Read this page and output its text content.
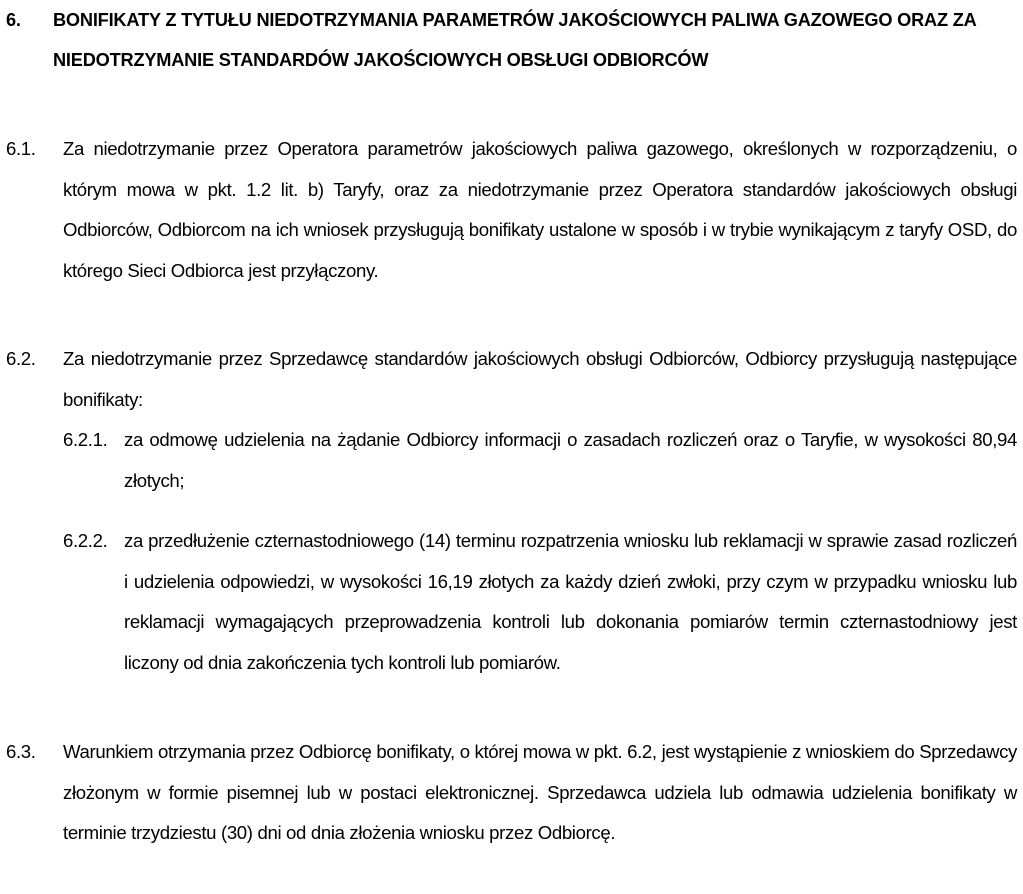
6.	BONIFIKATY Z TYTUŁU NIEDOTRZYMANIA PARAMETRÓW JAKOŚCIOWYCH PALIWA GAZOWEGO ORAZ ZA NIEDOTRZYMANIE STANDARDÓW JAKOŚCIOWYCH OBSŁUGI ODBIORCÓW
6.1.	Za niedotrzymanie przez Operatora parametrów jakościowych paliwa gazowego, określonych w rozporządzeniu, o którym mowa w pkt. 1.2 lit. b) Taryfy, oraz za niedotrzymanie przez Operatora standardów jakościowych obsługi Odbiorców, Odbiorcom na ich wniosek przysługują bonifikaty ustalone w sposób i w trybie wynikającym z taryfy OSD, do którego Sieci Odbiorca jest przyłączony.
6.2.	Za niedotrzymanie przez Sprzedawcę standardów jakościowych obsługi Odbiorców, Odbiorcy przysługują następujące bonifikaty:
6.2.1. za odmowę udzielenia na żądanie Odbiorcy informacji o zasadach rozliczeń oraz o Taryfie, w wysokości 80,94 złotych;
6.2.2. za przedłużenie czternastodniowego (14) terminu rozpatrzenia wniosku lub reklamacji w sprawie zasad rozliczeń i udzielenia odpowiedzi, w wysokości 16,19 złotych za każdy dzień zwłoki, przy czym w przypadku wniosku lub reklamacji wymagających przeprowadzenia kontroli lub dokonania pomiarów termin czternastodniowy jest liczony od dnia zakończenia tych kontroli lub pomiarów.
6.3.	Warunkiem otrzymania przez Odbiorcę bonifikaty, o której mowa w pkt. 6.2, jest wystąpienie z wnioskiem do Sprzedawcy złożonym w formie pisemnej lub w postaci elektronicznej. Sprzedawca udziela lub odmawia udzielenia bonifikaty w terminie trzydziestu (30) dni od dnia złożenia wniosku przez Odbiorcę.
